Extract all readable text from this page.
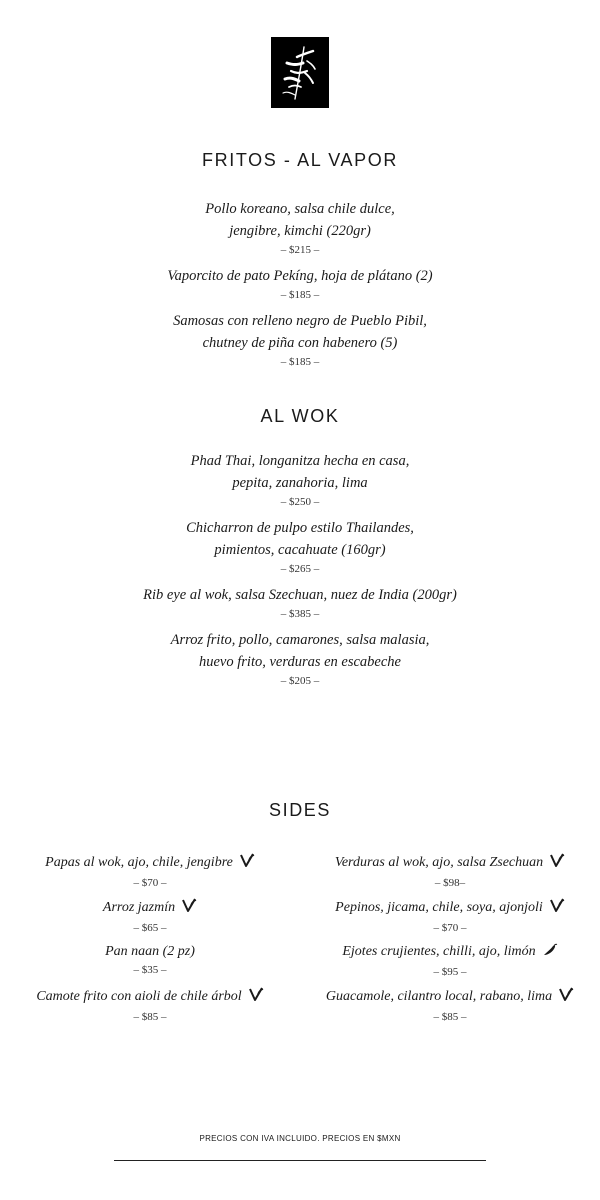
FRITOS - AL VAPOR
Pollo koreano, salsa chile dulce,
jengibre, kimchi (220gr)
– $215 –
Vaporcito de pato Pekíng, hoja de plátano (2)
– $185 –
Samosas con relleno negro de Pueblo Pibil,
chutney de piña con habenero (5)
– $185 –
AL WOK
Phad Thai, longanitza hecha en casa,
pepita, zanahoria, lima
– $250 –
Chicharron de pulpo estilo Thailandes,
pimientos, cacahuate (160gr)
– $265 –
Rib eye al wok, salsa Szechuan, nuez de India (200gr)
– $385 –
Arroz frito, pollo, camarones, salsa malasia,
huevo frito, verduras en escabeche
– $205 –
SIDES
Papas al wok, ajo, chile, jengibre
– $70 –
Arroz jazmín
– $65 –
Pan naan (2 pz)
– $35 –
Camote frito con aioli de chile árbol
– $85 –
Verduras al wok, ajo, salsa Zsechuan
– $98–
Pepinos, jicama, chile, soya, ajonjoli
– $70 –
Ejotes crujientes, chilli, ajo, limón
– $95 –
Guacamole, cilantro local, rabano, lima
– $85 –
PRECIOS CON IVA INCLUIDO. PRECIOS EN $MXN
